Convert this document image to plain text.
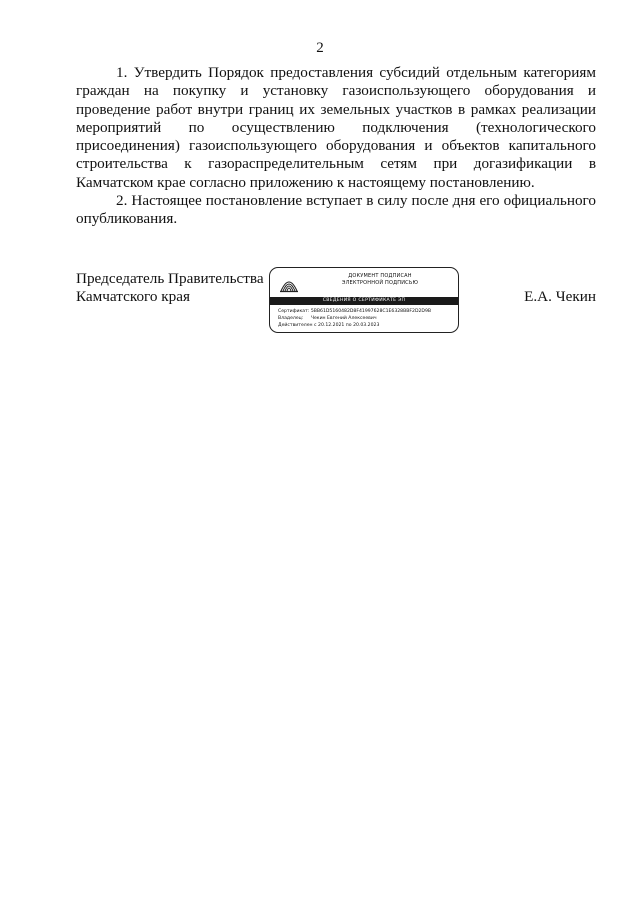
2

1. Утвердить Порядок предоставления субсидий отдельным категориям граждан на покупку и установку газоиспользующего оборудования и проведение работ внутри границ их земельных участков в рамках реализации мероприятий по осуществлению подключения (технологического присоединения) газоиспользующего оборудования и объектов капитального строительства к газораспределительным сетям при догазификации в Камчатском крае согласно приложению к настоящему постановлению.

2. Настоящее постановление вступает в силу после дня его официального опубликования.

Председатель Правительства
Камчатского края
ДОКУМЕНТ ПОДПИСАН
ЭЛЕКТРОННОЙ ПОДПИСЬЮ
СВЕДЕНИЯ О СЕРТИФИКАТЕ ЭП
Сертификат: 5BB61D5160482D8F41997628C1E6328BBF2D2D9B
Владелец: Чекин Евгений Алексеевич
Действителен с 20.12.2021 по 20.03.2023
Е.А. Чекин
